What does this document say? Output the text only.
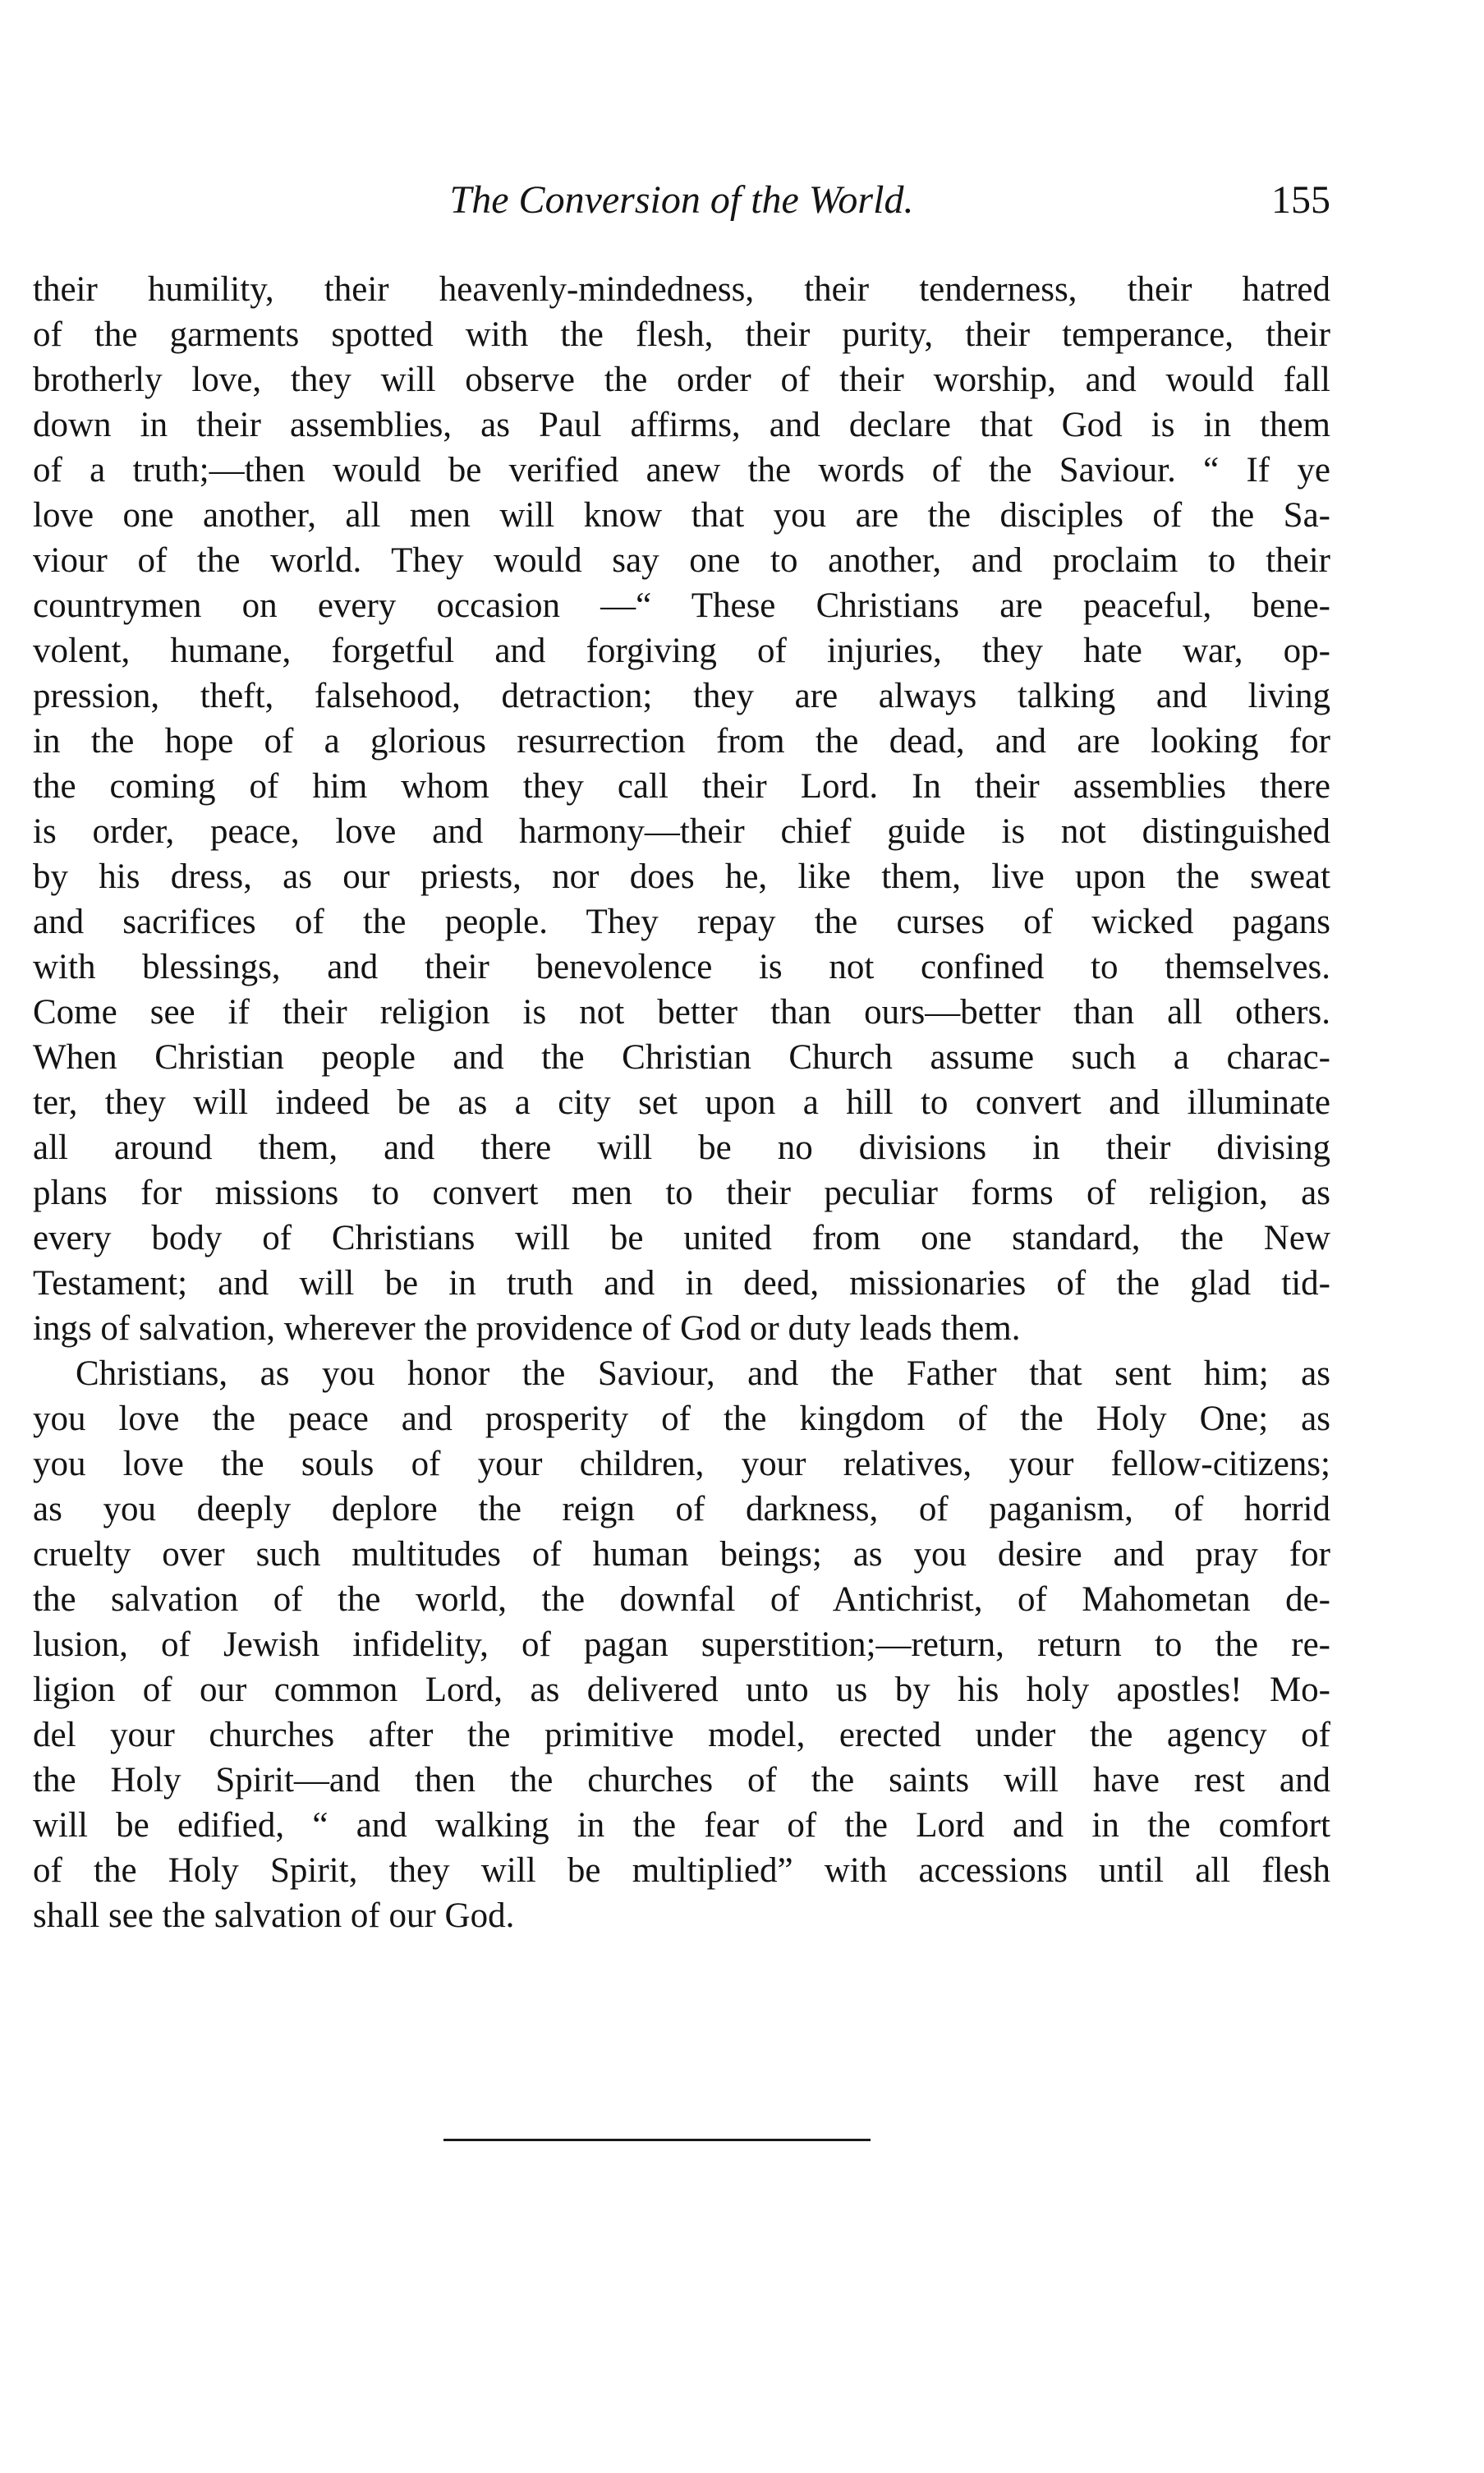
The Conversion of the World.	155
their humility, their heavenly-mindedness, their tenderness, their hatred
of the garments spotted with the flesh, their purity, their temperance, their
brotherly love, they will observe the order of their worship, and would fall
down in their assemblies, as Paul affirms, and declare that God is in them
of a truth;—then would be verified anew the words of the Saviour. “ If ye
love one another, all men will know that you are the disciples of the Sa-
viour of the world. They would say one to another, and proclaim to their
countrymen on every occasion —“ These Christians are peaceful, bene-
volent, humane, forgetful and forgiving of injuries, they hate war, op-
pression, theft, falsehood, detraction; they are always talking and living
in the hope of a glorious resurrection from the dead, and are looking for
the coming of him whom they call their Lord. In their assemblies there
is order, peace, love and harmony—their chief guide is not distinguished
by his dress, as our priests, nor does he, like them, live upon the sweat
and sacrifices of the people. They repay the curses of wicked pagans
with blessings, and their benevolence is not confined to themselves.
Come see if their religion is not better than ours—better than all others.
When Christian people and the Christian Church assume such a charac-
ter, they will indeed be as a city set upon a hill to convert and illuminate
all around them, and there will be no divisions in their divising
plans for missions to convert men to their peculiar forms of religion, as
every body of Christians will be united from one standard, the New
Testament; and will be in truth and in deed, missionaries of the glad tid-
ings of salvation, wherever the providence of God or duty leads them.
Christians, as you honor the Saviour, and the Father that sent him; as
you love the peace and prosperity of the kingdom of the Holy One; as
you love the souls of your children, your relatives, your fellow-citizens;
as you deeply deplore the reign of darkness, of paganism, of horrid
cruelty over such multitudes of human beings; as you desire and pray for
the salvation of the world, the downfal of Antichrist, of Mahometan de-
lusion, of Jewish infidelity, of pagan superstition;—return, return to the re-
ligion of our common Lord, as delivered unto us by his holy apostles! Mo-
del your churches after the primitive model, erected under the agency of
the Holy Spirit—and then the churches of the saints will have rest and
will be edified, “ and walking in the fear of the Lord and in the comfort
of the Holy Spirit, they will be multiplied” with accessions until all flesh
shall see the salvation of our God.
